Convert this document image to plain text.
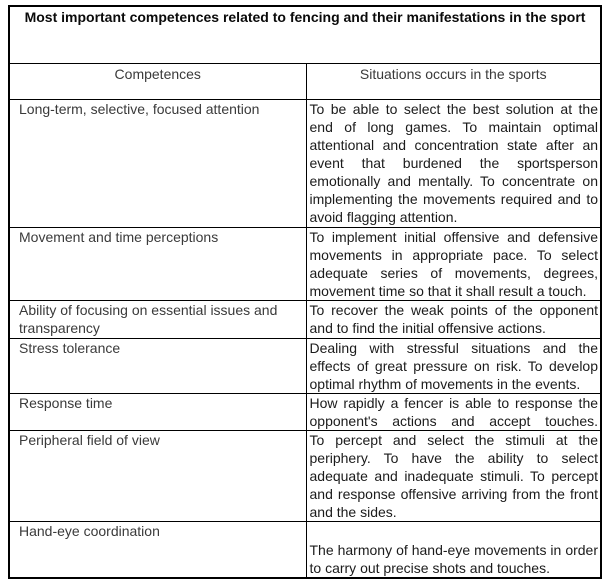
Most important competences related to fencing and their manifestations in the sport	
Competences	Situations occurs in the sports
Long-term, selective, focused attention	To be able to select the best solution at the end of long games. To maintain optimal attentional and concentration state after an event that burdened the sportsperson emotionally and mentally. To concentrate on implementing the movements required and to avoid flagging attention.
Movement and time perceptions	To implement initial offensive and defensive movements in appropriate pace. To select adequate series of movements, degrees, movement time so that it shall result a touch.
Ability of focusing on essential issues and transparency	To recover the weak points of the opponent and to find the initial offensive actions.
Stress tolerance	Dealing with stressful situations and the effects of great pressure on risk. To develop optimal rhythm of movements in the events.
Response time	How rapidly a fencer is able to response the opponent's actions and accept touches.
Peripheral field of view	To percept and select the stimuli at the periphery. To have the ability to select adequate and inadequate stimuli. To percept and response offensive arriving from the front and the sides.
Hand-eye coordination	The harmony of hand-eye movements in order to carry out precise shots and touches.
